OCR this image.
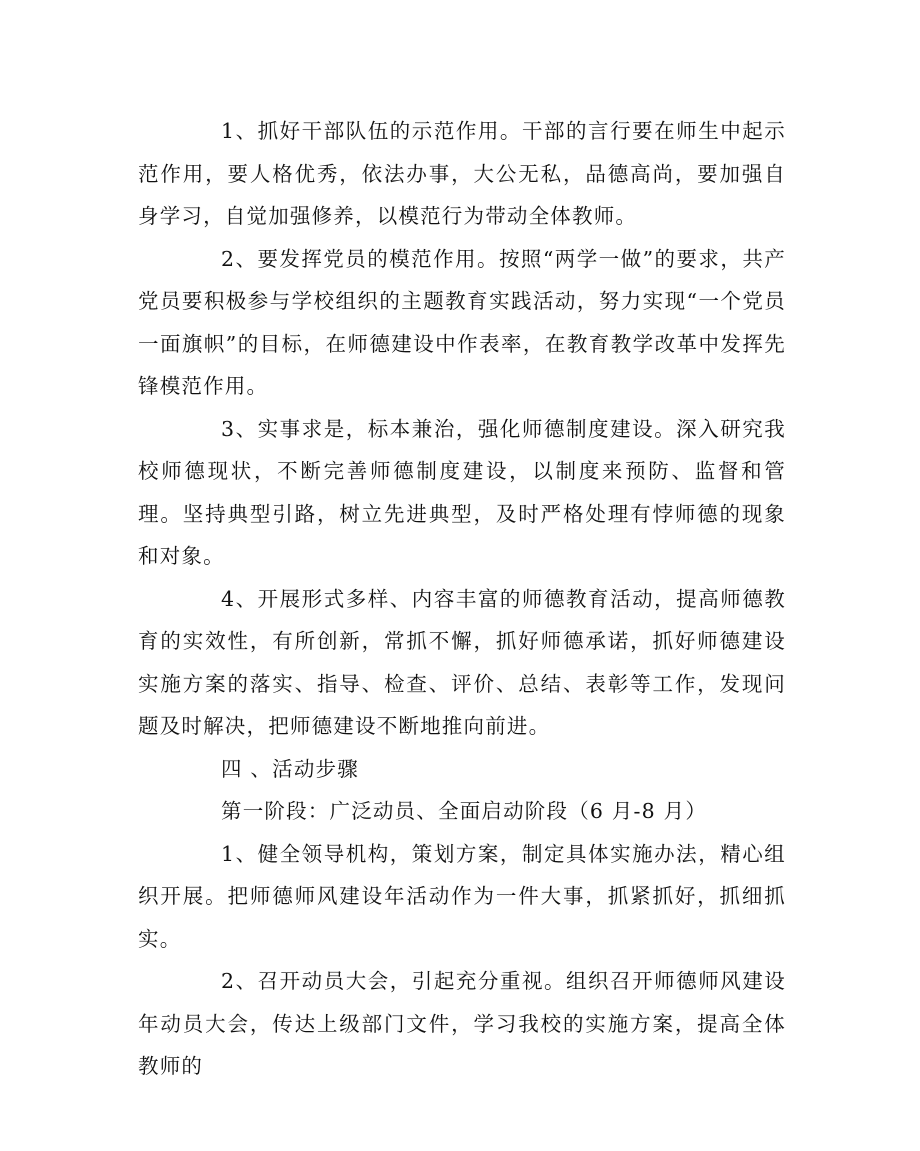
1、抓好干部队伍的示范作用。干部的言行要在师生中起示范作用，要人格优秀，依法办事，大公无私，品德高尚，要加强自身学习，自觉加强修养，以模范行为带动全体教师。

2、要发挥党员的模范作用。按照“两学一做”的要求，共产党员要积极参与学校组织的主题教育实践活动，努力实现“一个党员一面旗帜”的目标，在师德建设中作表率，在教育教学改革中发挥先锋模范作用。

3、实事求是，标本兼治，强化师德制度建设。深入研究我校师德现状，不断完善师德制度建设，以制度来预防、监督和管理。坚持典型引路，树立先进典型，及时严格处理有悖师德的现象和对象。

4、开展形式多样、内容丰富的师德教育活动，提高师德教育的实效性，有所创新，常抓不懈，抓好师德承诺，抓好师德建设实施方案的落实、指导、检查、评价、总结、表彰等工作，发现问题及时解决，把师德建设不断地推向前进。

四 、活动步骤

第一阶段：广泛动员、全面启动阶段（6 月-8 月）

1、健全领导机构，策划方案，制定具体实施办法，精心组织开展。把师德师风建设年活动作为一件大事，抓紧抓好，抓细抓实。

2、召开动员大会，引起充分重视。组织召开师德师风建设年动员大会，传达上级部门文件，学习我校的实施方案，提高全体教师的
